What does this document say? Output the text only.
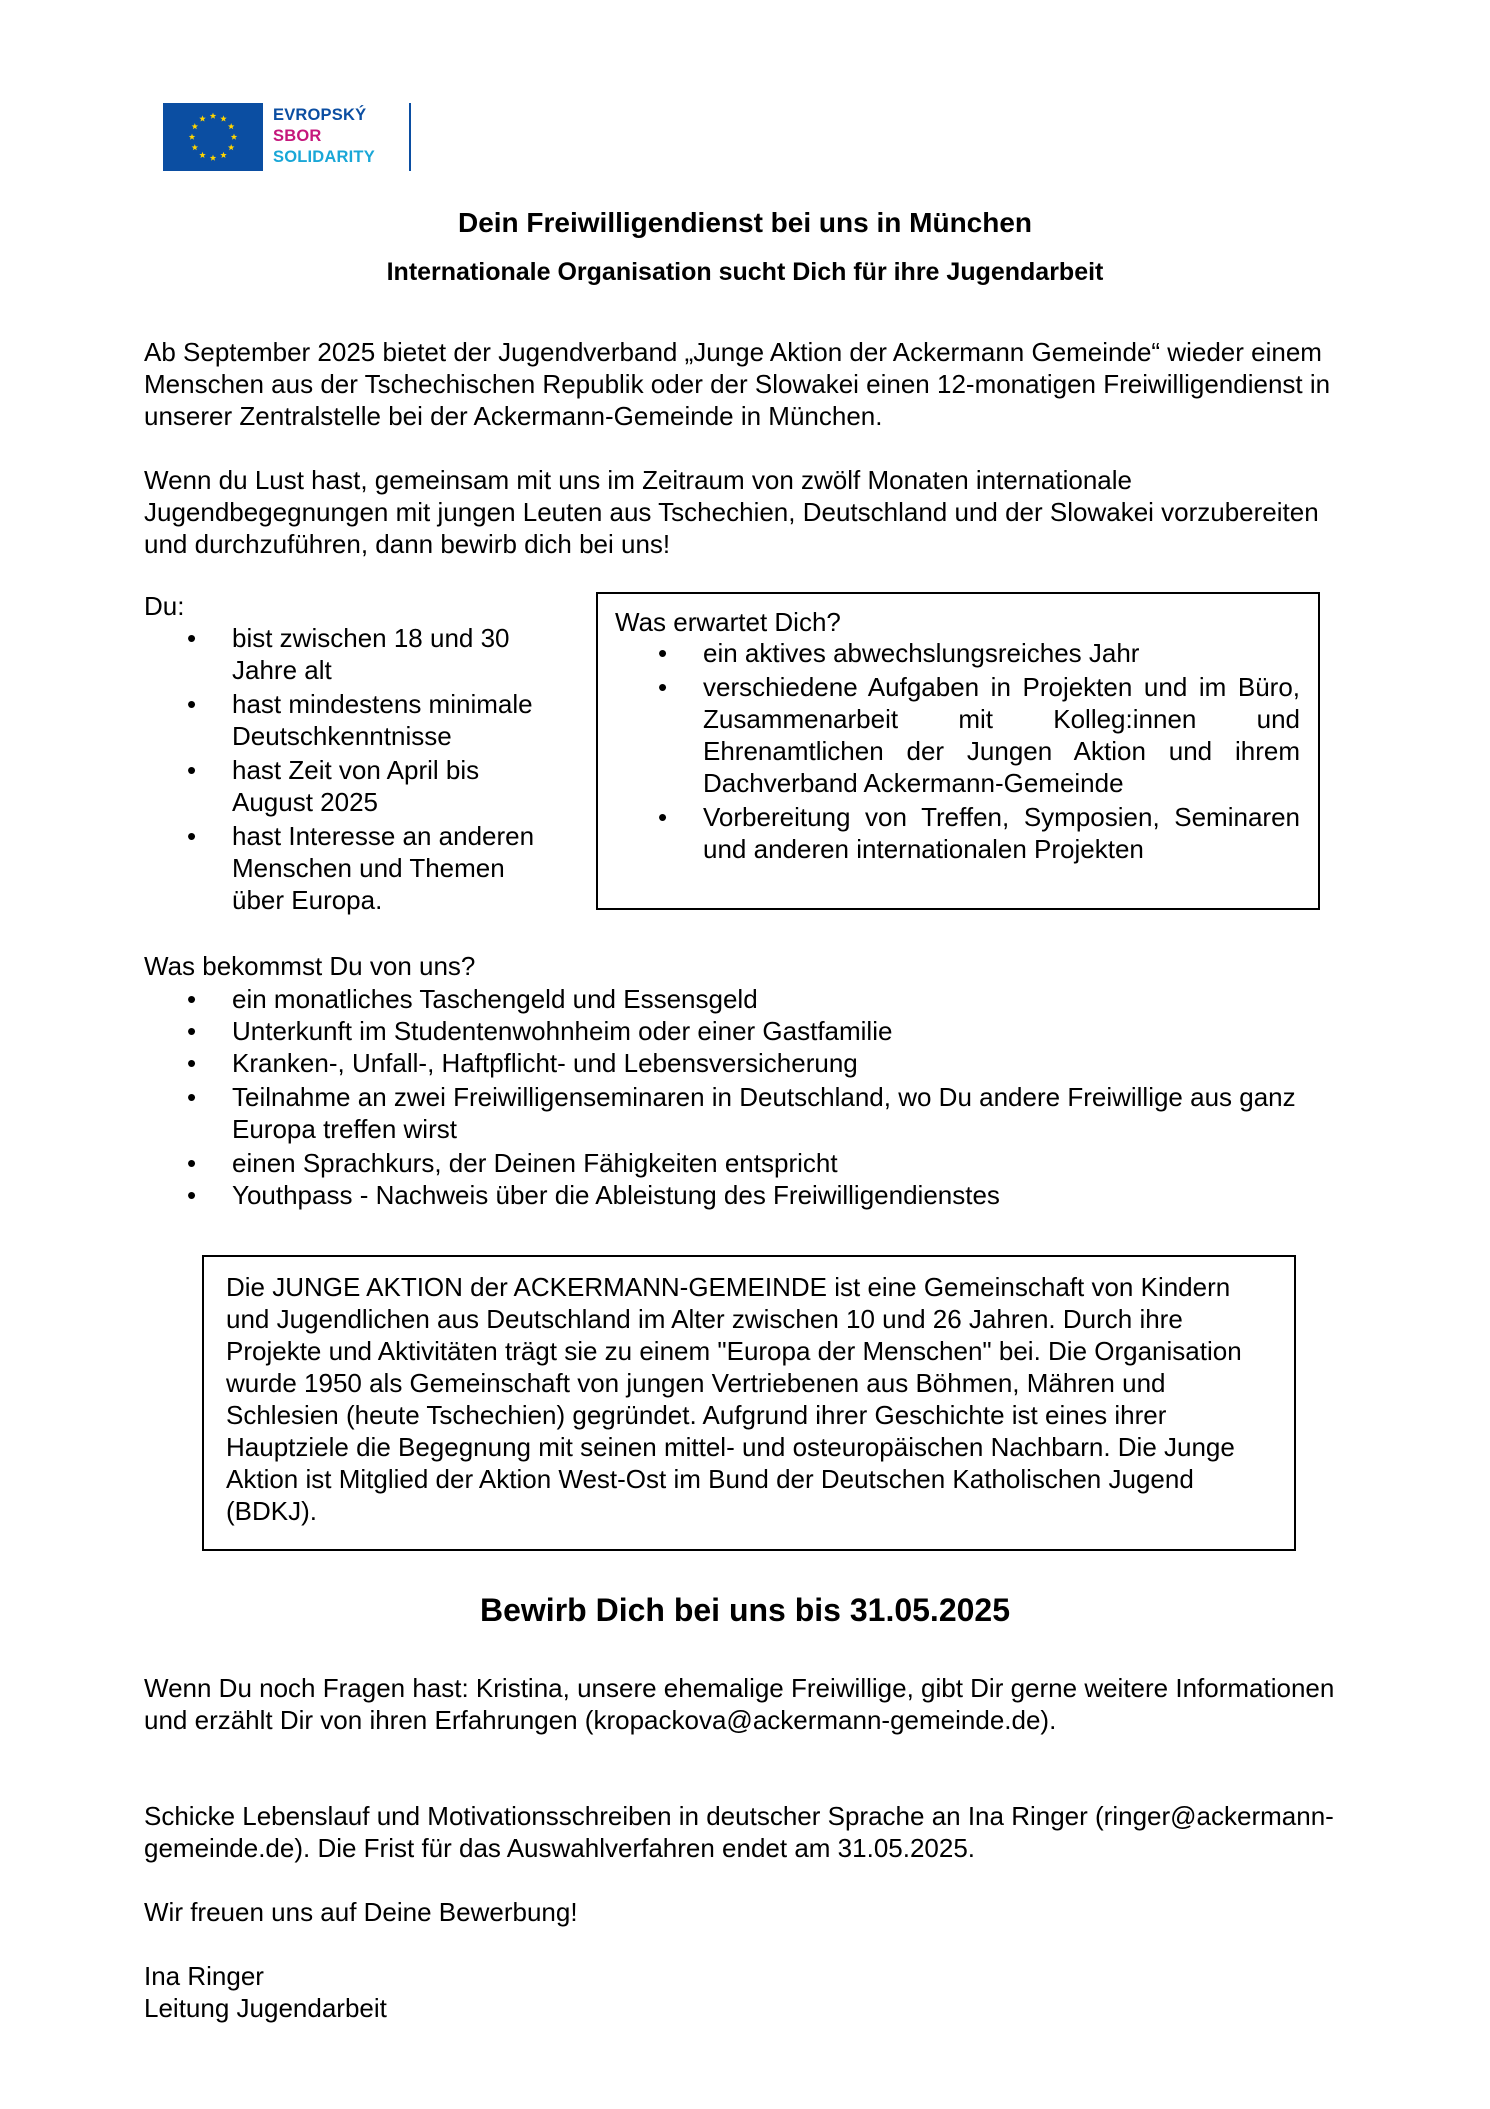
EVROPSKÝ
SBOR
SOLIDARITY
Dein Freiwilligendienst bei uns in München
Internationale Organisation sucht Dich für ihre Jugendarbeit

Ab September 2025 bietet der Jugendverband „Junge Aktion der Ackermann Gemeinde“ wieder einem Menschen aus der Tschechischen Republik oder der Slowakei einen 12-monatigen Freiwilligendienst in unserer Zentralstelle bei der Ackermann-Gemeinde in München.

Wenn du Lust hast, gemeinsam mit uns im Zeitraum von zwölf Monaten internationale Jugendbegegnungen mit jungen Leuten aus Tschechien, Deutschland und der Slowakei vorzubereiten und durchzuführen, dann bewirb dich bei uns!

Du:
• bist zwischen 18 und 30 Jahre alt
• hast mindestens minimale Deutschkenntnisse
• hast Zeit von April bis August 2025
• hast Interesse an anderen Menschen und Themen über Europa.
Was erwartet Dich?
• ein aktives abwechslungsreiches Jahr
• verschiedene Aufgaben in Projekten und im Büro, Zusammenarbeit mit Kolleg:innen und Ehrenamtlichen der Jungen Aktion und ihrem Dachverband Ackermann-Gemeinde
• Vorbereitung von Treffen, Symposien, Seminaren und anderen internationalen Projekten
Was bekommst Du von uns?
• ein monatliches Taschengeld und Essensgeld
• Unterkunft im Studentenwohnheim oder einer Gastfamilie
• Kranken-, Unfall-, Haftpflicht- und Lebensversicherung
• Teilnahme an zwei Freiwilligenseminaren in Deutschland, wo Du andere Freiwillige aus ganz Europa treffen wirst
• einen Sprachkurs, der Deinen Fähigkeiten entspricht
• Youthpass - Nachweis über die Ableistung des Freiwilligendienstes

Die JUNGE AKTION der ACKERMANN-GEMEINDE ist eine Gemeinschaft von Kindern und Jugendlichen aus Deutschland im Alter zwischen 10 und 26 Jahren. Durch ihre Projekte und Aktivitäten trägt sie zu einem "Europa der Menschen" bei. Die Organisation wurde 1950 als Gemeinschaft von jungen Vertriebenen aus Böhmen, Mähren und Schlesien (heute Tschechien) gegründet. Aufgrund ihrer Geschichte ist eines ihrer Hauptziele die Begegnung mit seinen mittel- und osteuropäischen Nachbarn. Die Junge Aktion ist Mitglied der Aktion West-Ost im Bund der Deutschen Katholischen Jugend (BDKJ).

Bewirb Dich bei uns bis 31.05.2025

Wenn Du noch Fragen hast: Kristina, unsere ehemalige Freiwillige, gibt Dir gerne weitere Informationen und erzählt Dir von ihren Erfahrungen (kropackova@ackermann-gemeinde.de).

Schicke Lebenslauf und Motivationsschreiben in deutscher Sprache an Ina Ringer (ringer@ackermann-gemeinde.de). Die Frist für das Auswahlverfahren endet am 31.05.2025.

Wir freuen uns auf Deine Bewerbung!

Ina Ringer
Leitung Jugendarbeit
